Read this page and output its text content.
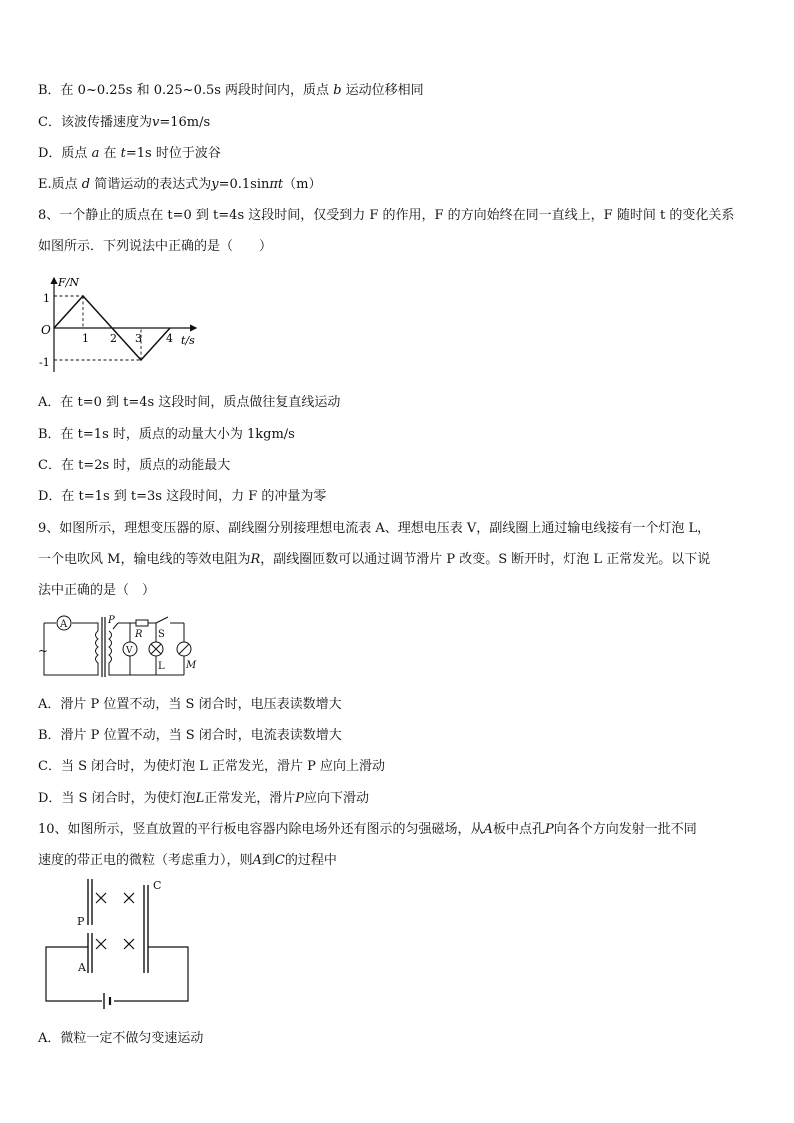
B．在 0~0.25s 和 0.25~0.5s 两段时间内，质点 b 运动位移相同
C．该波传播速度为v=16m/s
D．质点 a 在 t=1s 时位于波谷
E.质点 d 简谐运动的表达式为y=0.1sinπt（m）
8、一个静止的质点在 t=0 到 t=4s 这段时间，仅受到力 F 的作用，F 的方向始终在同一直线上，F 随时间 t 的变化关系
如图所示．下列说法中正确的是（　　）
F/N
t/s
O
1
-1
1 2 3 4
A．在 t=0 到 t=4s 这段时间，质点做往复直线运动
B．在 t=1s 时，质点的动量大小为 1kgm/s
C．在 t=2s 时，质点的动能最大
D．在 t=1s 到 t=3s 这段时间，力 F 的冲量为零
9、如图所示，理想变压器的原、副线圈分别接理想电流表 A、理想电压表 V，副线圈上通过输电线接有一个灯泡 L，
一个电吹风 M，输电线的等效电阻为R，副线圈匝数可以通过调节滑片 P 改变。S 断开时，灯泡 L 正常发光。以下说
法中正确的是（　）
A
~
P
R S
V
L M
A．滑片 P 位置不动，当 S 闭合时，电压表读数增大
B．滑片 P 位置不动，当 S 闭合时，电流表读数增大
C．当 S 闭合时，为使灯泡 L 正常发光，滑片 P 应向上滑动
D．当 S 闭合时，为使灯泡L正常发光，滑片P应向下滑动
10、如图所示，竖直放置的平行板电容器内除电场外还有图示的匀强磁场，从A板中点孔P向各个方向发射一批不同
速度的带正电的微粒（考虑重力），则A到C的过程中
C
P
A
A．微粒一定不做匀变速运动
